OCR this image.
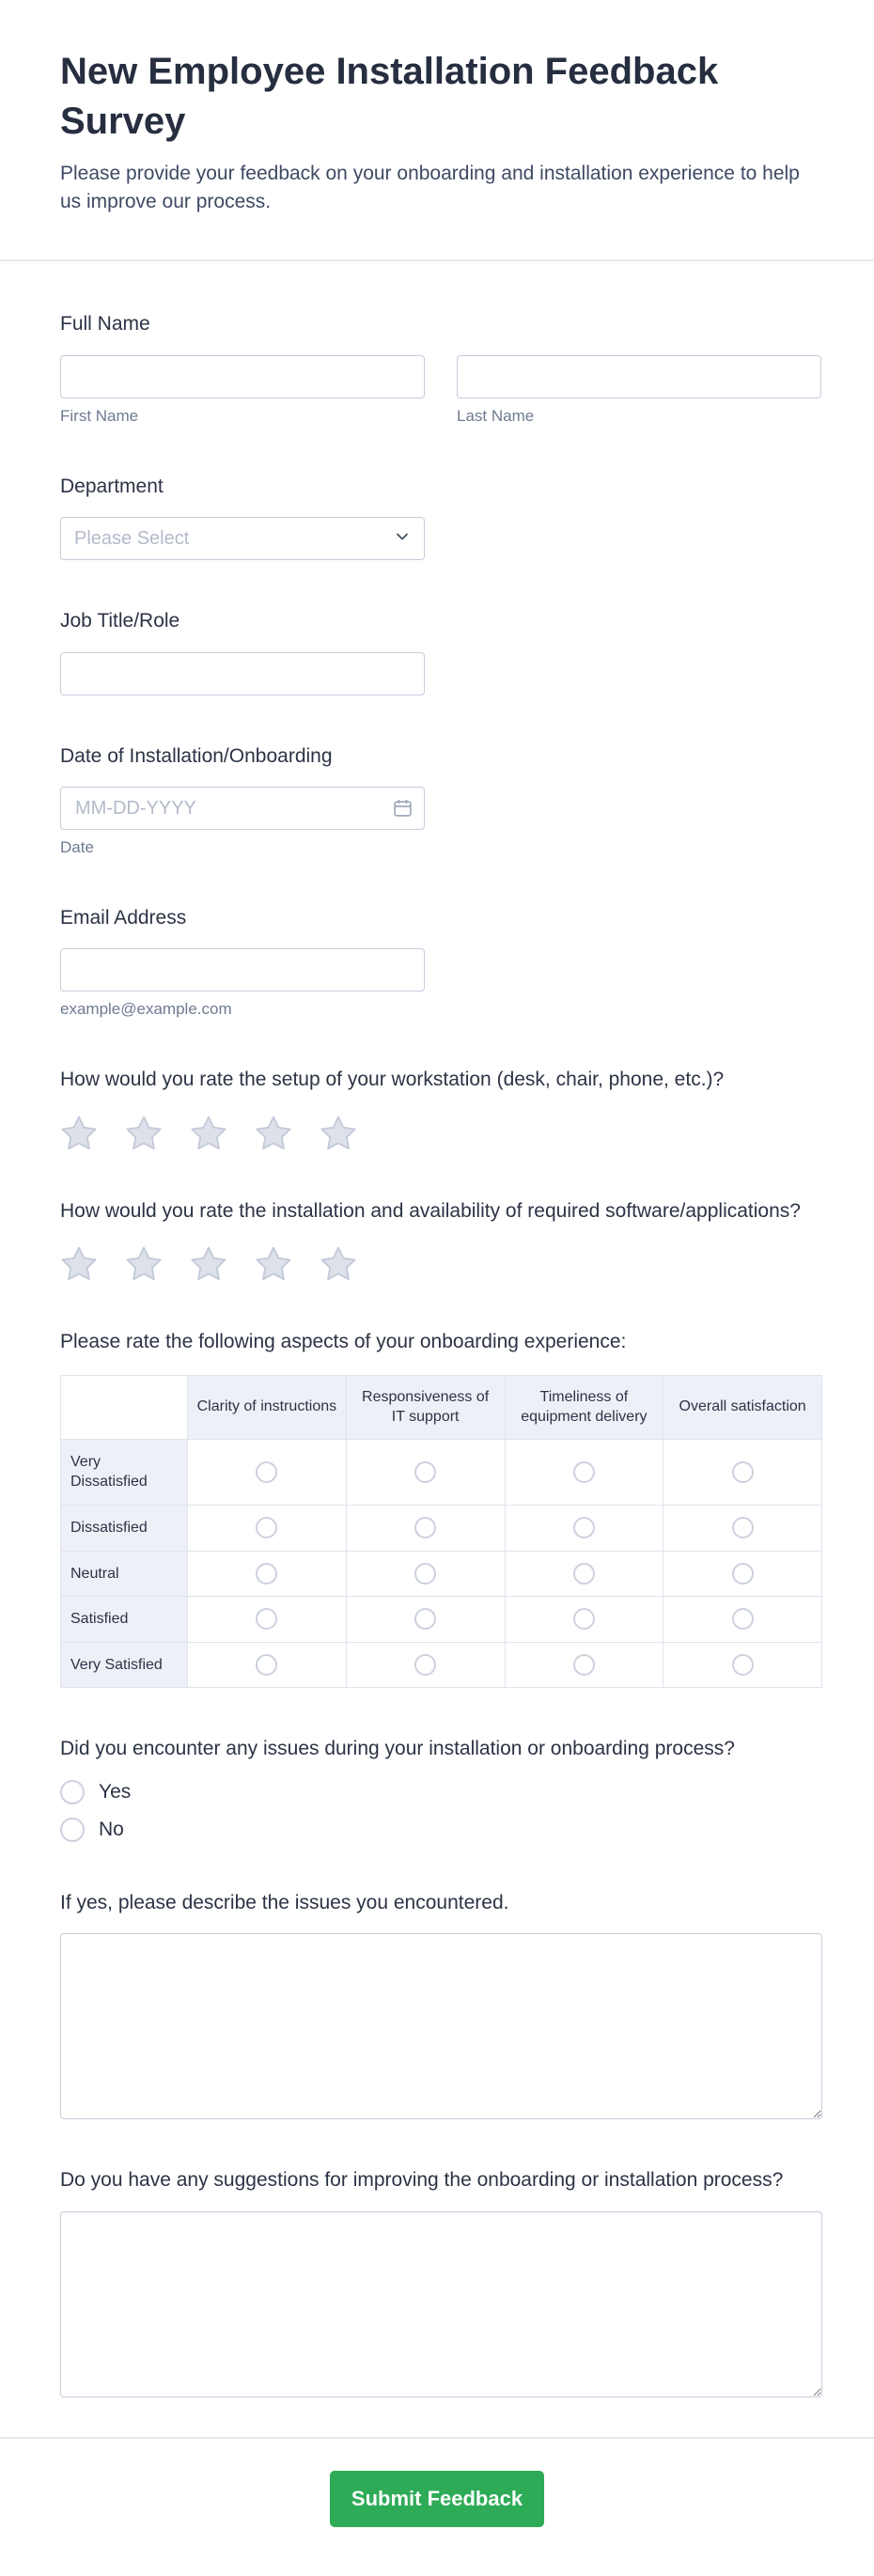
New Employee Installation Feedback Survey

Please provide your feedback on your onboarding and installation experience to help us improve our process.

Full Name
First Name	Last Name
Department
Please Select
Job Title/Role
Date of Installation/Onboarding
MM-DD-YYYY
Date
Email Address
example@example.com
How would you rate the setup of your workstation (desk, chair, phone, etc.)?
How would you rate the installation and availability of required software/applications?
Please rate the following aspects of your onboarding experience:
	Clarity of instructions	Responsiveness of IT support	Timeliness of equipment delivery	Overall satisfaction
Very Dissatisfied				
Dissatisfied				
Neutral				
Satisfied				
Very Satisfied				
Did you encounter any issues during your installation or onboarding process?
Yes
No
If yes, please describe the issues you encountered.
Do you have any suggestions for improving the onboarding or installation process?
Submit Feedback
